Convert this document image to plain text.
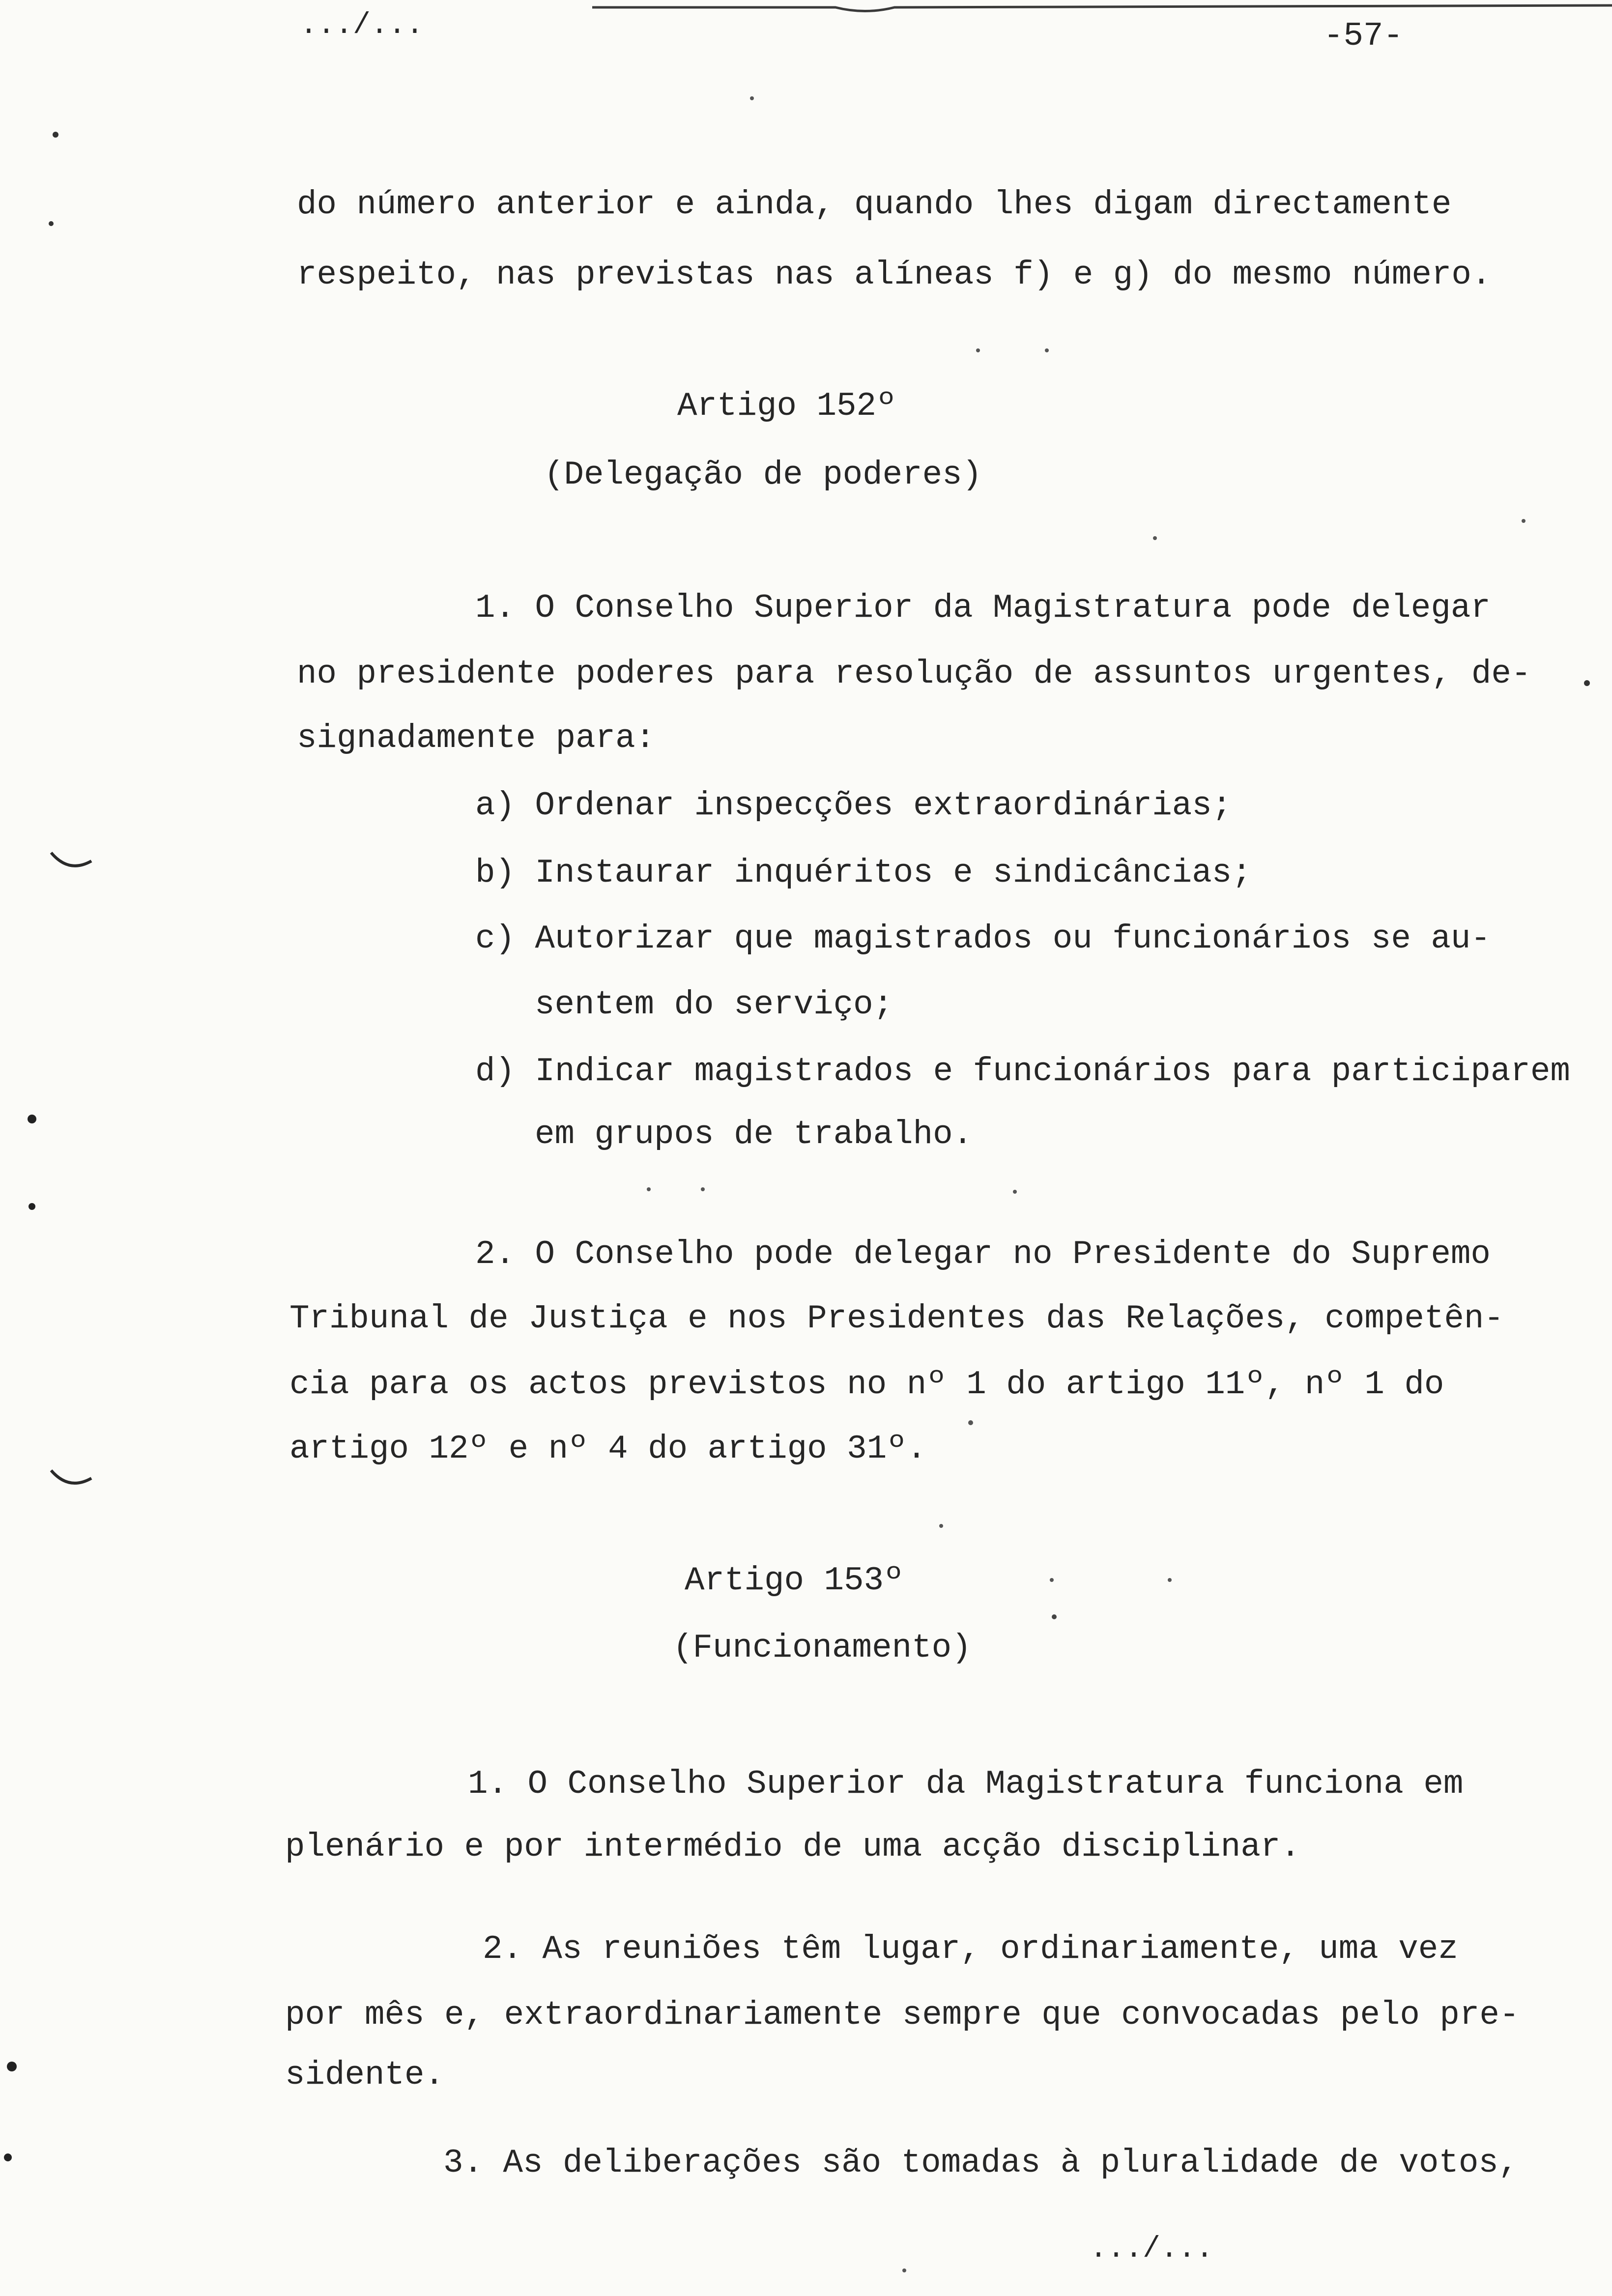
.../...	-57-
do número anterior e ainda, quando lhes digam directamente
respeito, nas previstas nas alíneas f) e g) do mesmo número.
Artigo 152º
(Delegação de poderes)
1. O Conselho Superior da Magistratura pode delegar
no presidente poderes para resolução de assuntos urgentes, de-
signadamente para:
a) Ordenar inspecções extraordinárias;
b) Instaurar inquéritos e sindicâncias;
c) Autorizar que magistrados ou funcionários se au-
sentem do serviço;
d) Indicar magistrados e funcionários para participarem
em grupos de trabalho.
2. O Conselho pode delegar no Presidente do Supremo
Tribunal de Justiça e nos Presidentes das Relações, competên-
cia para os actos previstos no nº 1 do artigo 11º, nº 1 do
artigo 12º e nº 4 do artigo 31º.
Artigo 153º
(Funcionamento)
1. O Conselho Superior da Magistratura funciona em
plenário e por intermédio de uma acção disciplinar.
2. As reuniões têm lugar, ordinariamente, uma vez
por mês e, extraordinariamente sempre que convocadas pelo pre-
sidente.
3. As deliberações são tomadas à pluralidade de votos,
.../...
